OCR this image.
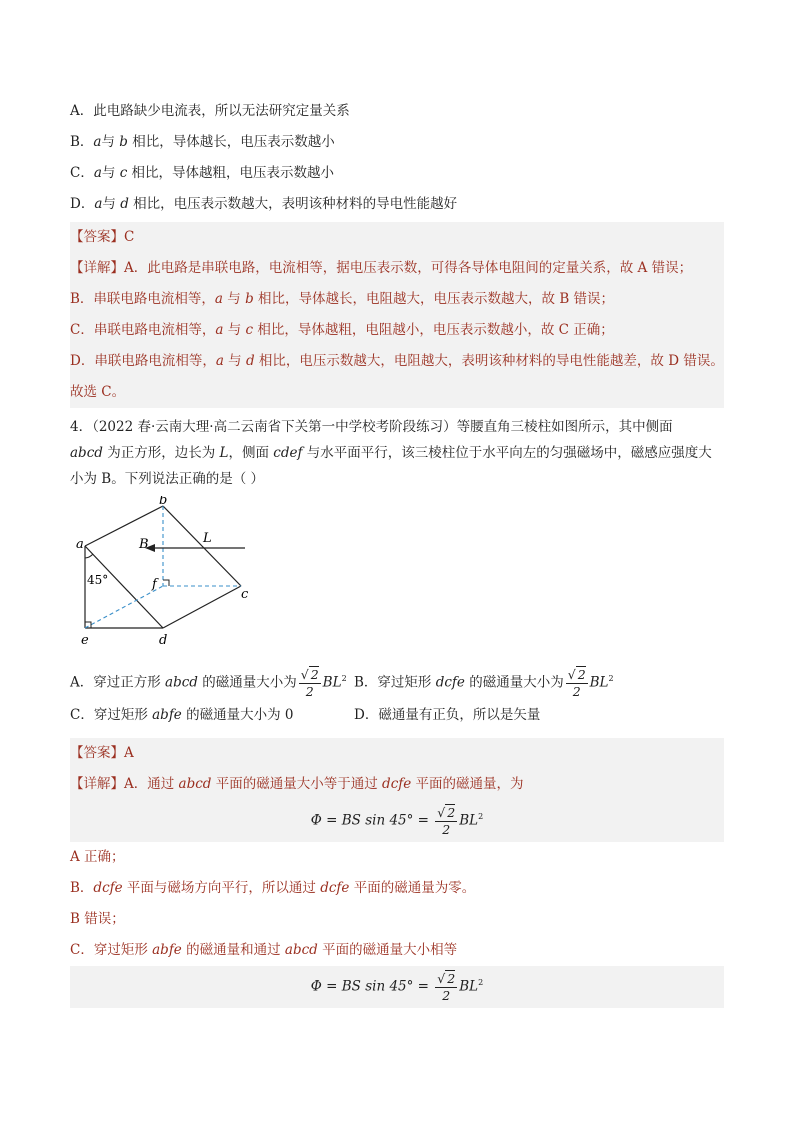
A．此电路缺少电流表，所以无法研究定量关系
B．a与 b 相比，导体越长，电压表示数越小
C．a与 c 相比，导体越粗，电压表示数越小
D．a与 d 相比，电压表示数越大，表明该种材料的导电性能越好
【答案】C
【详解】A．此电路是串联电路，电流相等，据电压表示数，可得各导体电阻间的定量关系，故 A 错误；
B．串联电路电流相等，a 与 b 相比，导体越长，电阻越大，电压表示数越大，故 B 错误；
C．串联电路电流相等，a 与 c 相比，导体越粗，电阻越小，电压表示数越小，故 C 正确；
D．串联电路电流相等，a 与 d 相比，电压示数越大，电阻越大，表明该种材料的导电性能越差，故 D 错误。
故选 C。
4．（2022 春·云南大理·高二云南省下关第一中学校考阶段练习）等腰直角三棱柱如图所示，其中侧面
abcd 为正方形，边长为 L，侧面 cdef 与水平面平行，该三棱柱位于水平向左的匀强磁场中，磁感应强度大
小为 B。下列说法正确的是（ ）
a
b
c
d
e
f
B	L
45°
A．穿过正方形 abcd 的磁通量大小为 $\frac{√ 2}{2} BL^2$ B．穿过矩形 dcfe 的磁通量大小为 $\frac{√ 2}{2} BL^2$
C．穿过矩形 abfe 的磁通量大小为 0	D．磁通量有正负，所以是矢量
【答案】A
【详解】A．通过 abcd 平面的磁通量大小等于通过 dcfe 平面的磁通量，为
Φ = BS $\sin 45^\circ = \frac{√ 2}{2} BL^2$
A 正确；
B．dcfe 平面与磁场方向平行，所以通过 dcfe 平面的磁通量为零。
B 错误；
C．穿过矩形 abfe 的磁通量和通过 abcd 平面的磁通量大小相等
Φ = BS $\sin 45^\circ = \frac{√ 2}{2} BL^2$
